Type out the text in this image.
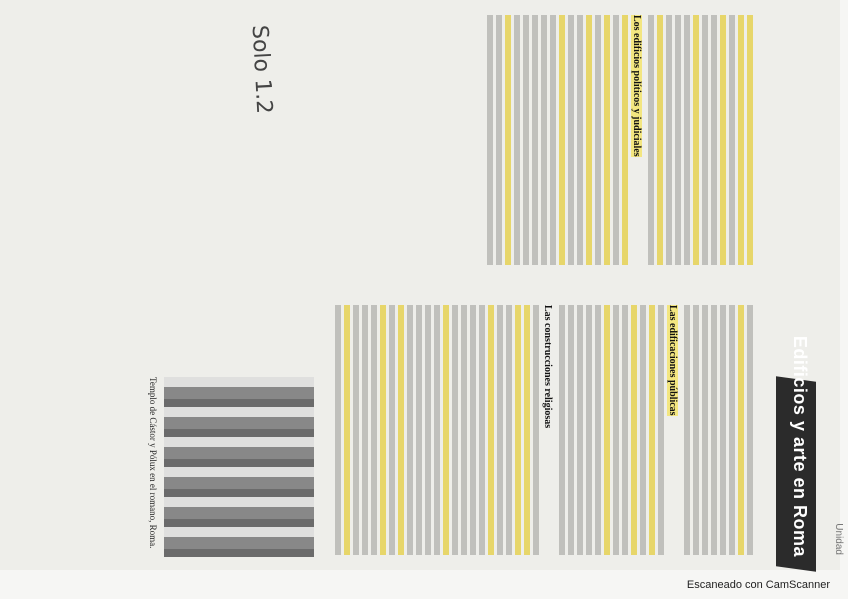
Unidad
Edificios y arte en Roma
Las edificaciones públicas
Las construcciones religiosas
Los edificios políticos y judiciales
Templo de Cástor y Pólux en el romano, Roma.
Solo 1.2
Escaneado con CamScanner
